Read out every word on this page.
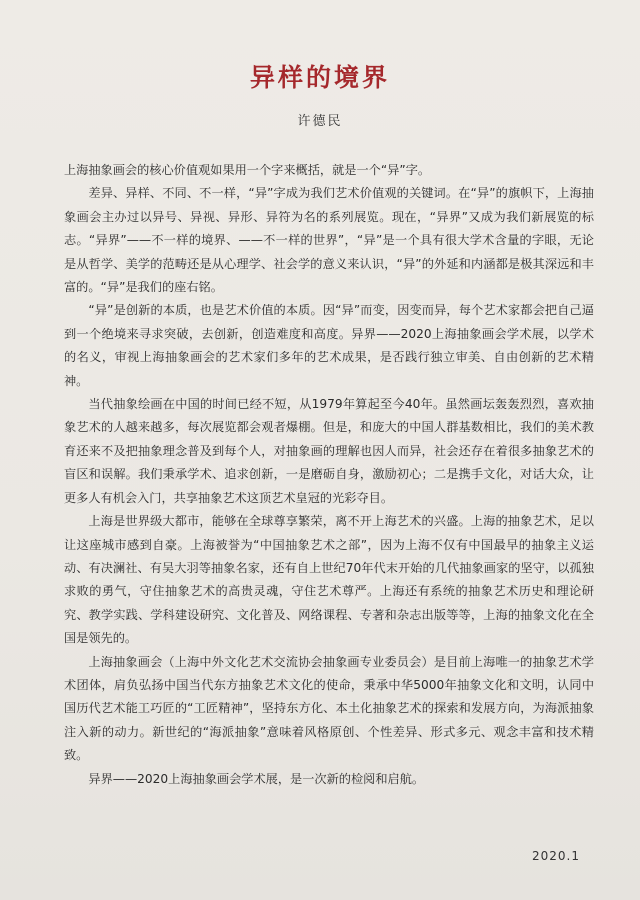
异样的境界
许德民

上海抽象画会的核心价值观如果用一个字来概括，就是一个“异”字。

差异、异样、不同、不一样，“异”字成为我们艺术价值观的关键词。在“异”的旗帜下，上海抽象画会主办过以异号、异视、异形、异符为名的系列展览。现在，“异界”又成为我们新展览的标志。“异界”——不一样的境界、——不一样的世界”，“异”是一个具有很大学术含量的字眼，无论是从哲学、美学的范畴还是从心理学、社会学的意义来认识，“异”的外延和内涵都是极其深远和丰富的。“异”是我们的座右铭。

“异”是创新的本质，也是艺术价值的本质。因“异”而变，因变而异，每个艺术家都会把自己逼到一个绝境来寻求突破，去创新，创造难度和高度。异界——2020上海抽象画会学术展，以学术的名义，审视上海抽象画会的艺术家们多年的艺术成果，是否践行独立审美、自由创新的艺术精神。

当代抽象绘画在中国的时间已经不短，从1979年算起至今40年。虽然画坛轰轰烈烈，喜欢抽象艺术的人越来越多，每次展览都会观者爆棚。但是，和庞大的中国人群基数相比，我们的美术教育还来不及把抽象理念普及到每个人，对抽象画的理解也因人而异，社会还存在着很多抽象艺术的盲区和误解。我们秉承学术、追求创新，一是磨砺自身，激励初心；二是携手文化，对话大众，让更多人有机会入门，共享抽象艺术这顶艺术皇冠的光彩夺目。

上海是世界级大都市，能够在全球尊享繁荣，离不开上海艺术的兴盛。上海的抽象艺术，足以让这座城市感到自豪。上海被誉为“中国抽象艺术之部”，因为上海不仅有中国最早的抽象主义运动、有决澜社、有吴大羽等抽象名家，还有自上世纪70年代末开始的几代抽象画家的坚守，以孤独求败的勇气，守住抽象艺术的高贵灵魂，守住艺术尊严。上海还有系统的抽象艺术历史和理论研究、教学实践、学科建设研究、文化普及、网络课程、专著和杂志出版等等，上海的抽象文化在全国是领先的。

上海抽象画会（上海中外文化艺术交流协会抽象画专业委员会）是目前上海唯一的抽象艺术学术团体，肩负弘扬中国当代东方抽象艺术文化的使命，秉承中华5000年抽象文化和文明，认同中国历代艺术能工巧匠的“工匠精神”，坚持东方化、本土化抽象艺术的探索和发展方向，为海派抽象注入新的动力。新世纪的“海派抽象”意味着风格原创、个性差异、形式多元、观念丰富和技术精致。

异界——2020上海抽象画会学术展，是一次新的检阅和启航。

2020.1
